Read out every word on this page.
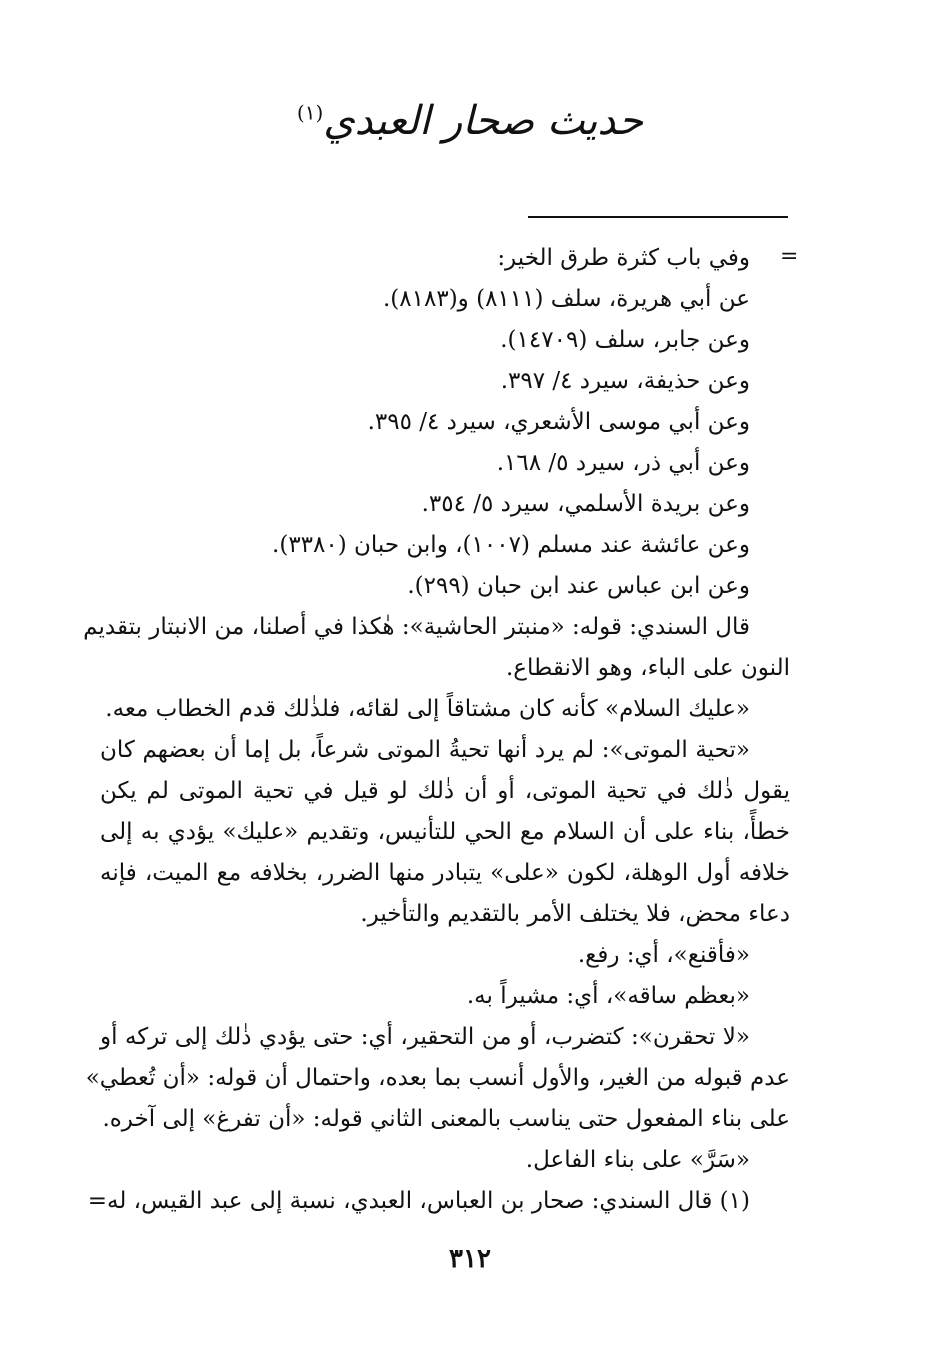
حديث صحار العبدي$^{(١)}$
=
وفي باب كثرة طرق الخير:
عن أبي هريرة، سلف (٨١١١) و(٨١٨٣).
وعن جابر، سلف (١٤٧٠٩).
وعن حذيفة، سيرد ٤/ ٣٩٧.
وعن أبي موسى الأشعري، سيرد ٤/ ٣٩٥.
وعن أبي ذر، سيرد ٥/ ١٦٨.
وعن بريدة الأسلمي، سيرد ٥/ ٣٥٤.
وعن عائشة عند مسلم (١٠٠٧)، وابن حبان (٣٣٨٠).
وعن ابن عباس عند ابن حبان (٢٩٩).
قال السندي: قوله: «منبتر الحاشية»: هٰكذا في أصلنا، من الانبتار بتقديم
النون على الباء، وهو الانقطاع.
«عليك السلام» كأنه كان مشتاقاً إلى لقائه، فلذٰلك قدم الخطاب معه.
«تحية الموتى»: لم يرد أنها تحيةُ الموتى شرعاً، بل إما أن بعضهم كان
يقول ذٰلك في تحية الموتى، أو أن ذٰلك لو قيل في تحية الموتى لم يكن
خطأً، بناء على أن السلام مع الحي للتأنيس، وتقديم «عليك» يؤدي به إلى
خلافه أول الوهلة، لكون «على» يتبادر منها الضرر، بخلافه مع الميت، فإنه
دعاء محض، فلا يختلف الأمر بالتقديم والتأخير.
«فأقنع»، أي: رفع.
«بعظم ساقه»، أي: مشيراً به.
«لا تحقرن»: كتضرب، أو من التحقير، أي: حتى يؤدي ذٰلك إلى تركه أو
عدم قبوله من الغير، والأول أنسب بما بعده، واحتمال أن قوله: «أن تُعطي»
على بناء المفعول حتى يناسب بالمعنى الثاني قوله: «أن تفرغ» إلى آخره.
«سَرَّ» على بناء الفاعل.
(١) قال السندي: صحار بن العباس، العبدي، نسبة إلى عبد القيس، له=
٣١٢
